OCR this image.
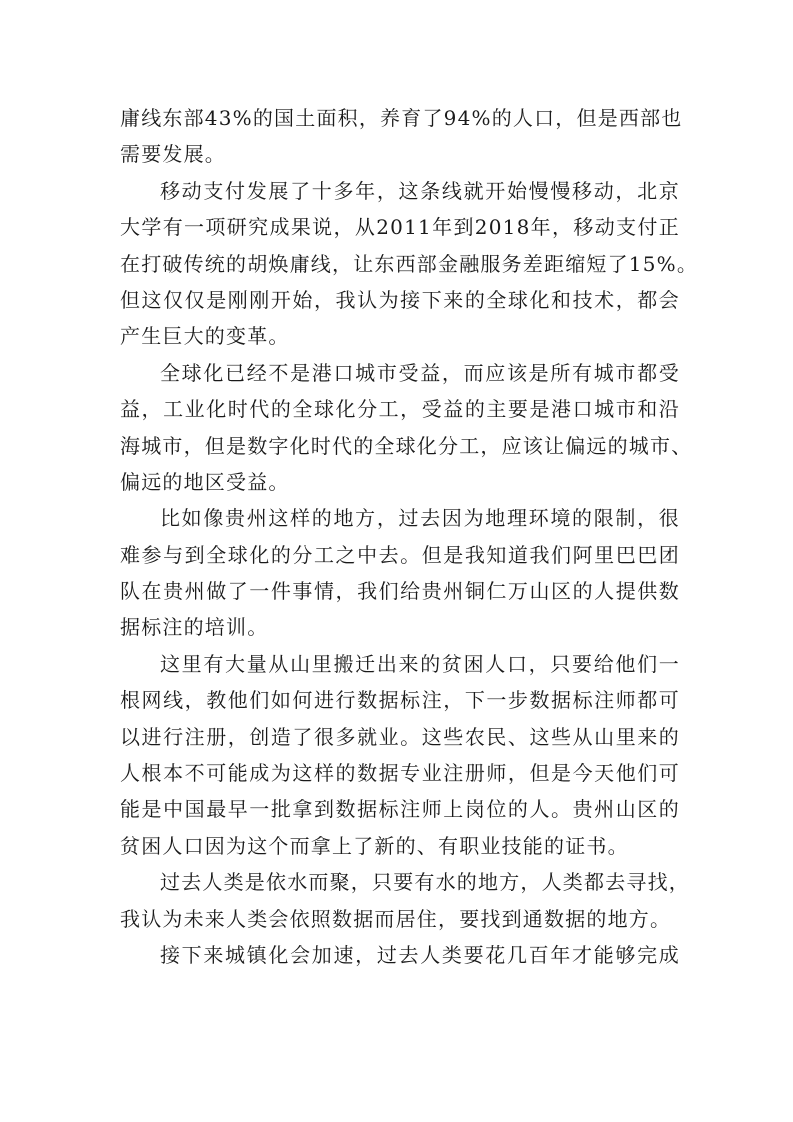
庸线东部43%的国土面积，养育了94%的人口，但是西部也
需要发展。
移动支付发展了十多年，这条线就开始慢慢移动，北京
大学有一项研究成果说，从2011年到2018年，移动支付正
在打破传统的胡焕庸线，让东西部金融服务差距缩短了15%。
但这仅仅是刚刚开始，我认为接下来的全球化和技术，都会
产生巨大的变革。
全球化已经不是港口城市受益，而应该是所有城市都受
益，工业化时代的全球化分工，受益的主要是港口城市和沿
海城市，但是数字化时代的全球化分工，应该让偏远的城市、
偏远的地区受益。
比如像贵州这样的地方，过去因为地理环境的限制，很
难参与到全球化的分工之中去。但是我知道我们阿里巴巴团
队在贵州做了一件事情，我们给贵州铜仁万山区的人提供数
据标注的培训。
这里有大量从山里搬迁出来的贫困人口，只要给他们一
根网线，教他们如何进行数据标注，下一步数据标注师都可
以进行注册，创造了很多就业。这些农民、这些从山里来的
人根本不可能成为这样的数据专业注册师，但是今天他们可
能是中国最早一批拿到数据标注师上岗位的人。贵州山区的
贫困人口因为这个而拿上了新的、有职业技能的证书。
过去人类是依水而聚，只要有水的地方，人类都去寻找，
我认为未来人类会依照数据而居住，要找到通数据的地方。
接下来城镇化会加速，过去人类要花几百年才能够完成
